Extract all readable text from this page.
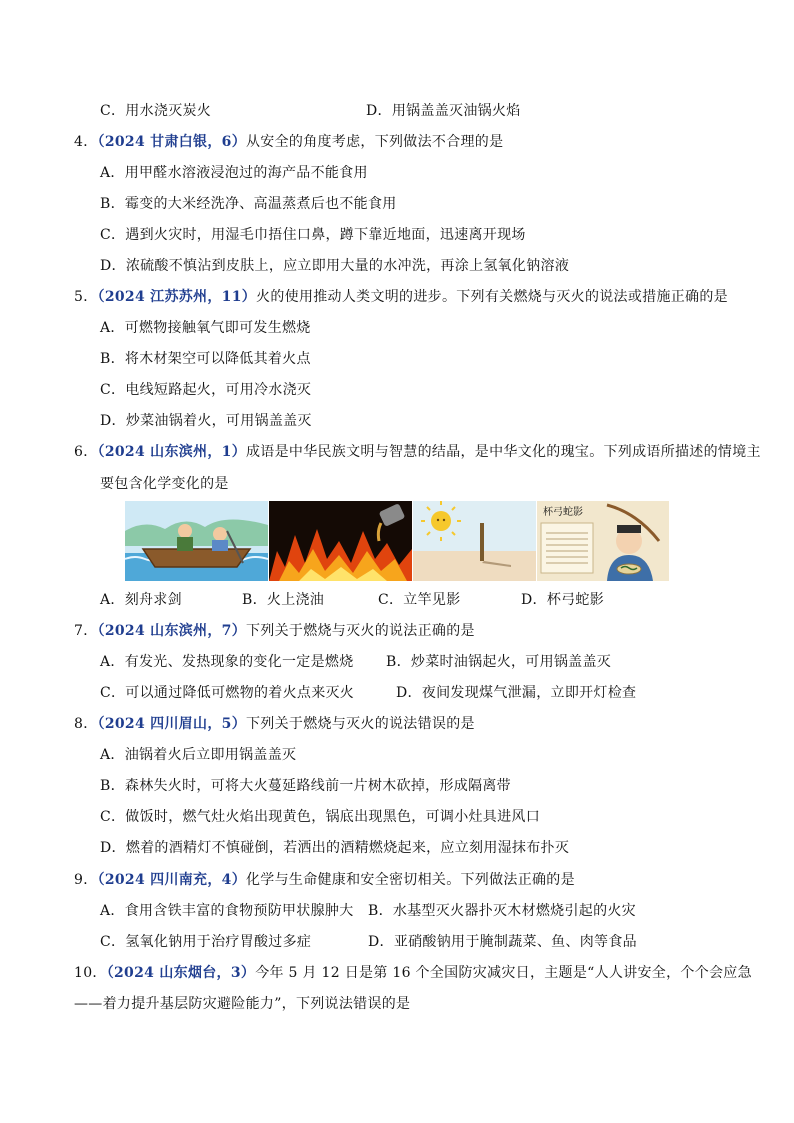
C．用水浇灭炭火	D．用锅盖盖灭油锅火焰
4．（2024 甘肃白银，6）从安全的角度考虑，下列做法不合理的是
A．用甲醛水溶液浸泡过的海产品不能食用
B．霉变的大米经洗净、高温蒸煮后也不能食用
C．遇到火灾时，用湿毛巾捂住口鼻，蹲下靠近地面，迅速离开现场
D．浓硫酸不慎沾到皮肤上，应立即用大量的水冲洗，再涂上氢氧化钠溶液
5．（2024 江苏苏州，11）火的使用推动人类文明的进步。下列有关燃烧与灭火的说法或措施正确的是
A．可燃物接触氧气即可发生燃烧
B．将木材架空可以降低其着火点
C．电线短路起火，可用冷水浇灭
D．炒菜油锅着火，可用锅盖盖灭
6．（2024 山东滨州，1）成语是中华民族文明与智慧的结晶，是中华文化的瑰宝。下列成语所描述的情境主
要包含化学变化的是
杯弓蛇影
A．刻舟求剑	B．火上浇油	C．立竿见影	D．杯弓蛇影
7．（2024 山东滨州，7）下列关于燃烧与灭火的说法正确的是
A．有发光、发热现象的变化一定是燃烧 B．炒菜时油锅起火，可用锅盖盖灭
C．可以通过降低可燃物的着火点来灭火	D．夜间发现煤气泄漏，立即开灯检查
8．（2024 四川眉山，5）下列关于燃烧与灭火的说法错误的是
A．油锅着火后立即用锅盖盖灭
B．森林失火时，可将大火蔓延路线前一片树木砍掉，形成隔离带
C．做饭时，燃气灶火焰出现黄色，锅底出现黑色，可调小灶具进风口
D．燃着的酒精灯不慎碰倒，若洒出的酒精燃烧起来，应立刻用湿抹布扑灭
9．（2024 四川南充，4）化学与生命健康和安全密切相关。下列做法正确的是
A．食用含铁丰富的食物预防甲状腺肿大 B．水基型灭火器扑灭木材燃烧引起的火灾
C．氢氧化钠用于治疗胃酸过多症	D．亚硝酸钠用于腌制蔬菜、鱼、肉等食品
10．（2024 山东烟台，3）今年 5 月 12 日是第 16 个全国防灾减灾日，主题是“人人讲安全，个个会应急
——着力提升基层防灾避险能力”，下列说法错误的是
